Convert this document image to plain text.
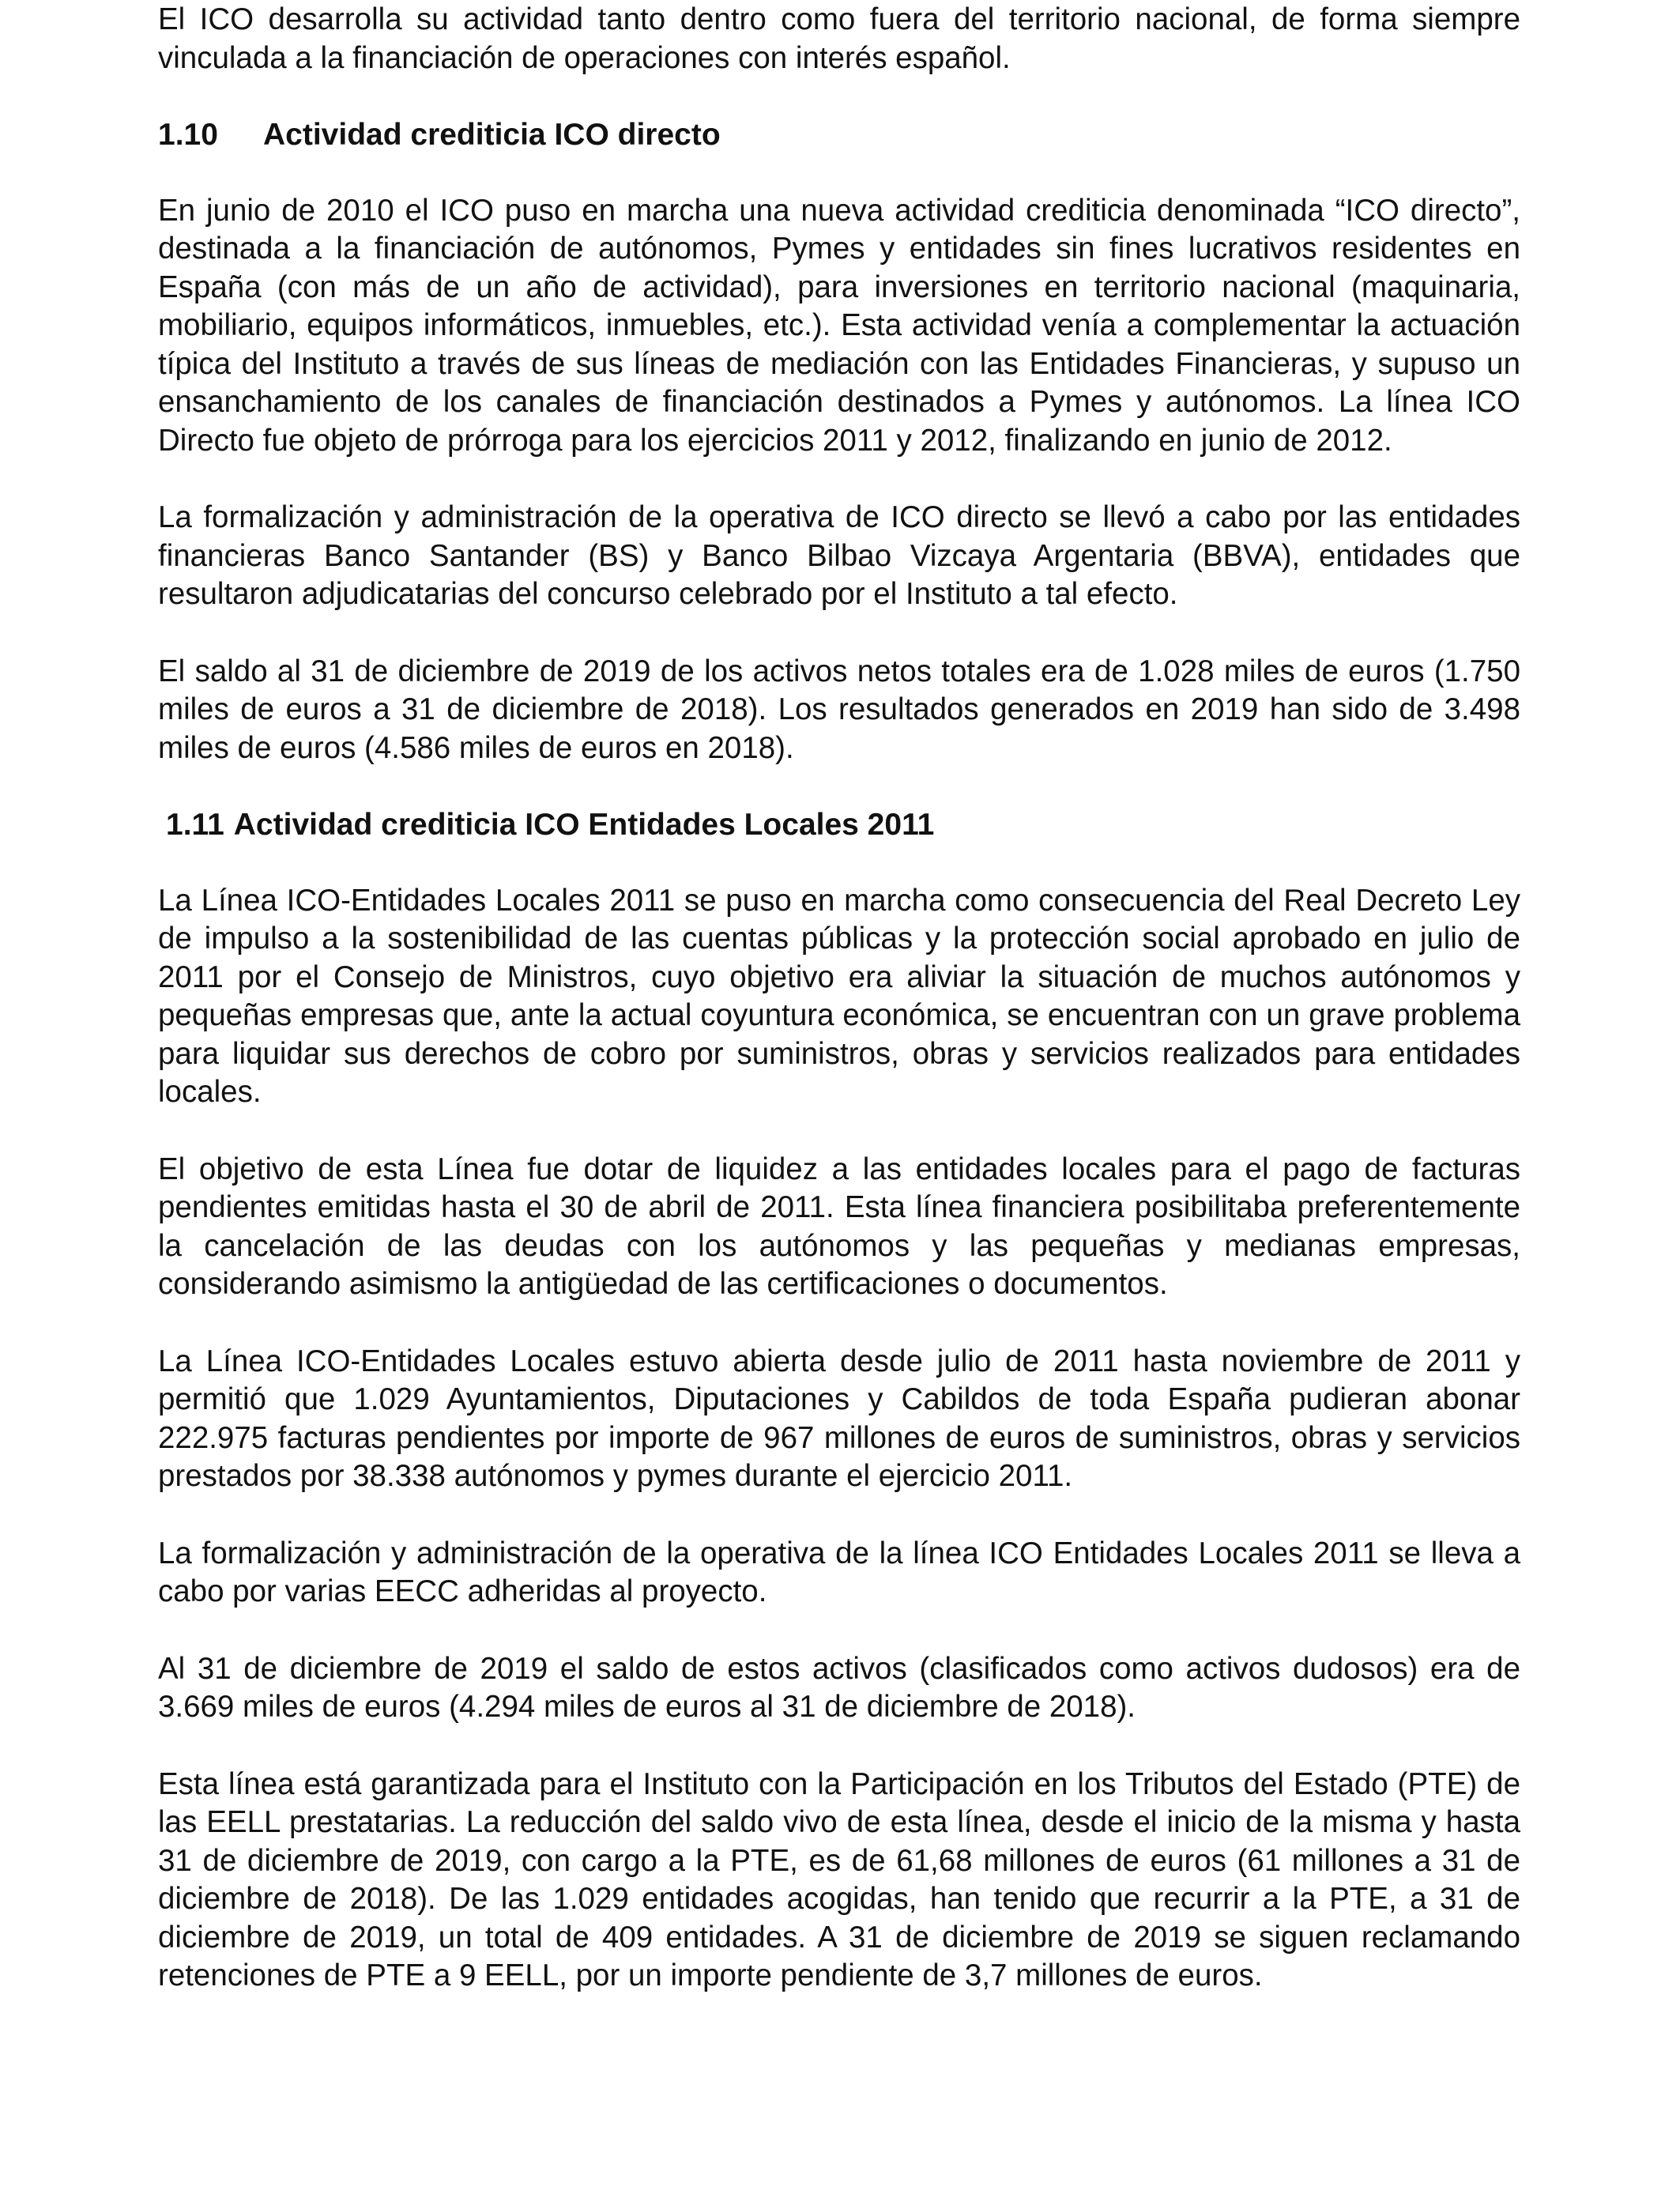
El ICO desarrolla su actividad tanto dentro como fuera del territorio nacional, de forma siempre vinculada a la financiación de operaciones con interés español.

1.10 Actividad crediticia ICO directo

En junio de 2010 el ICO puso en marcha una nueva actividad crediticia denominada “ICO directo”, destinada a la financiación de autónomos, Pymes y entidades sin fines lucrativos residentes en España (con más de un año de actividad), para inversiones en territorio nacional (maquinaria, mobiliario, equipos informáticos, inmuebles, etc.). Esta actividad venía a complementar la actuación típica del Instituto a través de sus líneas de mediación con las Entidades Financieras, y supuso un ensanchamiento de los canales de financiación destinados a Pymes y autónomos. La línea ICO Directo fue objeto de prórroga para los ejercicios 2011 y 2012, finalizando en junio de 2012.

La formalización y administración de la operativa de ICO directo se llevó a cabo por las entidades financieras Banco Santander (BS) y Banco Bilbao Vizcaya Argentaria (BBVA), entidades que resultaron adjudicatarias del concurso celebrado por el Instituto a tal efecto.

El saldo al 31 de diciembre de 2019 de los activos netos totales era de 1.028 miles de euros (1.750 miles de euros a 31 de diciembre de 2018). Los resultados generados en 2019 han sido de 3.498 miles de euros (4.586 miles de euros en 2018).

1.11 Actividad crediticia ICO Entidades Locales 2011

La Línea ICO-Entidades Locales 2011 se puso en marcha como consecuencia del Real Decreto Ley de impulso a la sostenibilidad de las cuentas públicas y la protección social aprobado en julio de 2011 por el Consejo de Ministros, cuyo objetivo era aliviar la situación de muchos autónomos y pequeñas empresas que, ante la actual coyuntura económica, se encuentran con un grave problema para liquidar sus derechos de cobro por suministros, obras y servicios realizados para entidades locales.

El objetivo de esta Línea fue dotar de liquidez a las entidades locales para el pago de facturas pendientes emitidas hasta el 30 de abril de 2011. Esta línea financiera posibilitaba preferentemente la cancelación de las deudas con los autónomos y las pequeñas y medianas empresas, considerando asimismo la antigüedad de las certificaciones o documentos.

La Línea ICO-Entidades Locales estuvo abierta desde julio de 2011 hasta noviembre de 2011 y permitió que 1.029 Ayuntamientos, Diputaciones y Cabildos de toda España pudieran abonar 222.975 facturas pendientes por importe de 967 millones de euros de suministros, obras y servicios prestados por 38.338 autónomos y pymes durante el ejercicio 2011.

La formalización y administración de la operativa de la línea ICO Entidades Locales 2011 se lleva a cabo por varias EECC adheridas al proyecto.

Al 31 de diciembre de 2019 el saldo de estos activos (clasificados como activos dudosos) era de 3.669 miles de euros (4.294 miles de euros al 31 de diciembre de 2018).

Esta línea está garantizada para el Instituto con la Participación en los Tributos del Estado (PTE) de las EELL prestatarias. La reducción del saldo vivo de esta línea, desde el inicio de la misma y hasta 31 de diciembre de 2019, con cargo a la PTE, es de 61,68 millones de euros (61 millones a 31 de diciembre de 2018). De las 1.029 entidades acogidas, han tenido que recurrir a la PTE, a 31 de diciembre de 2019, un total de 409 entidades. A 31 de diciembre de 2019 se siguen reclamando retenciones de PTE a 9 EELL, por un importe pendiente de 3,7 millones de euros.
